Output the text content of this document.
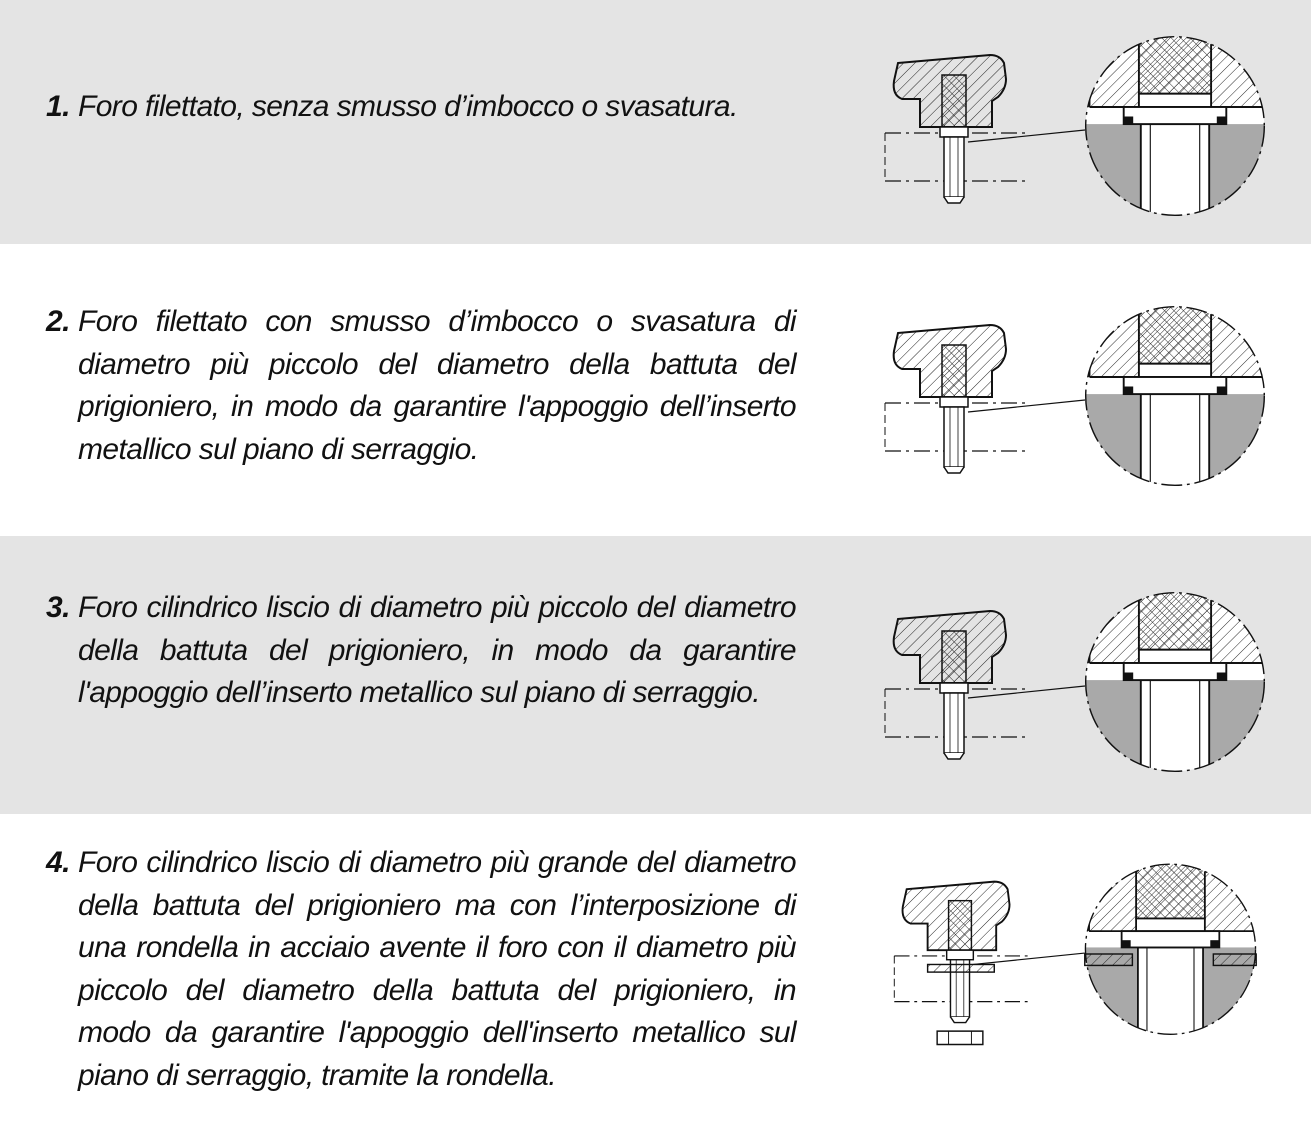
1. Foro filettato, senza smusso d’imbocco o svasatura.
2. Foro filettato con smusso d’imbocco o svasatura di diametro più piccolo del diametro della battuta del prigioniero, in modo da garantire l'appoggio dell’inserto metallico sul piano di serraggio.
3. Foro cilindrico liscio di diametro più piccolo del diametro della battuta del prigioniero, in modo da garantire l'appoggio dell’inserto metallico sul piano di serraggio.
4. Foro cilindrico liscio di diametro più grande del diametro della battuta del prigioniero ma con l’interposizione di una rondella in acciaio avente il foro con il diametro più piccolo del diametro della battuta del prigioniero, in modo da garantire l'appoggio dell'inserto metallico sul piano di serraggio, tramite la rondella.
